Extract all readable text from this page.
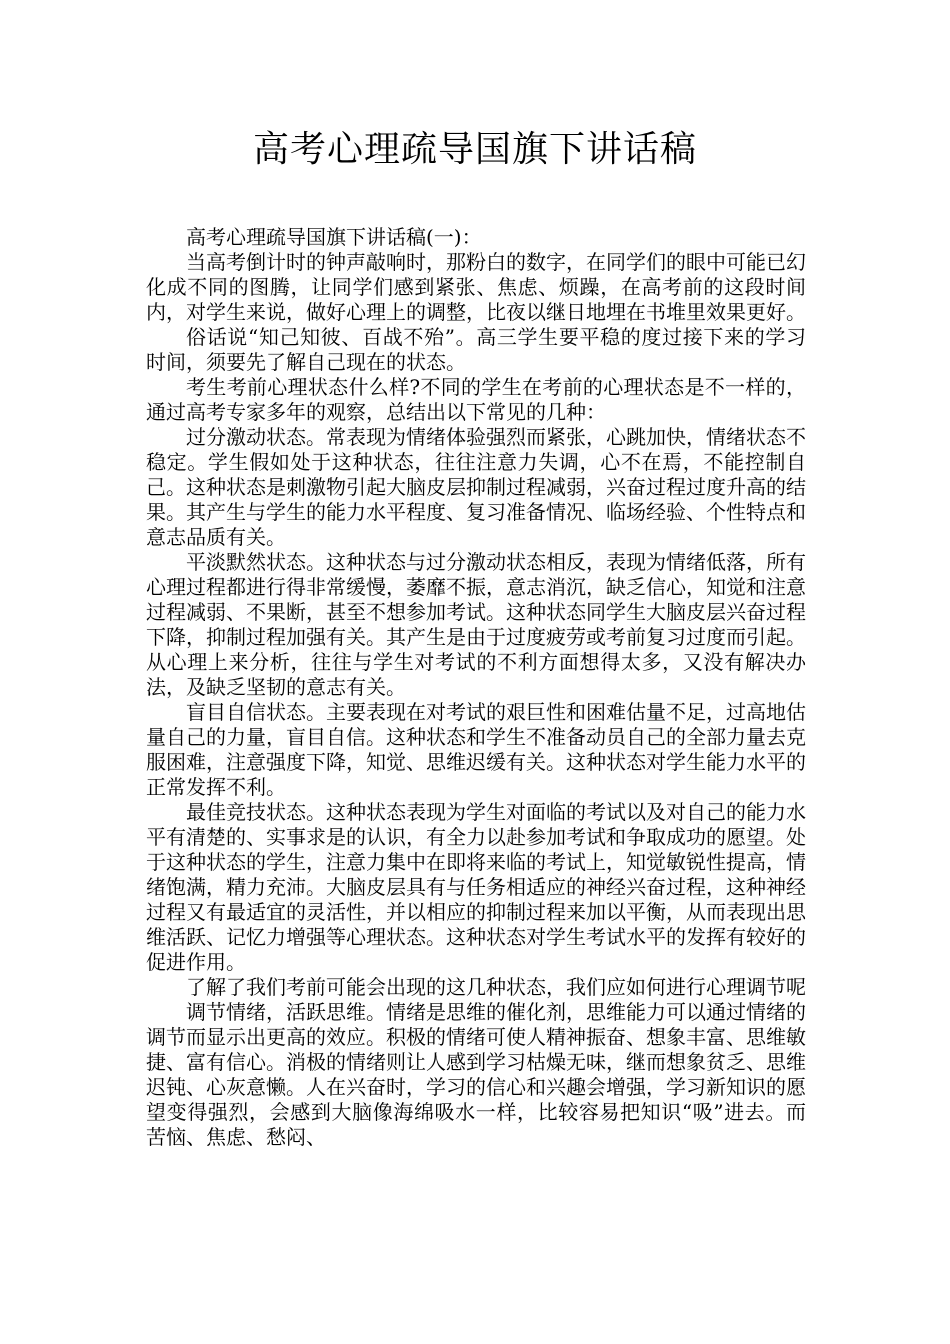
高考心理疏导国旗下讲话稿

高考心理疏导国旗下讲话稿(一)：

当高考倒计时的钟声敲响时，那粉白的数字，在同学们的眼中可能已幻化成不同的图腾，让同学们感到紧张、焦虑、烦躁，在高考前的这段时间内，对学生来说，做好心理上的调整，比夜以继日地埋在书堆里效果更好。

俗话说“知己知彼、百战不殆”。高三学生要平稳的度过接下来的学习时间，须要先了解自己现在的状态。

考生考前心理状态什么样?不同的学生在考前的心理状态是不一样的，通过高考专家多年的观察，总结出以下常见的几种：

过分激动状态。常表现为情绪体验强烈而紧张，心跳加快，情绪状态不稳定。学生假如处于这种状态，往往注意力失调，心不在焉，不能控制自己。这种状态是刺激物引起大脑皮层抑制过程减弱，兴奋过程过度升高的结果。其产生与学生的能力水平程度、复习准备情况、临场经验、个性特点和意志品质有关。

平淡默然状态。这种状态与过分激动状态相反，表现为情绪低落，所有心理过程都进行得非常缓慢，萎靡不振，意志消沉，缺乏信心，知觉和注意过程减弱、不果断，甚至不想参加考试。这种状态同学生大脑皮层兴奋过程下降，抑制过程加强有关。其产生是由于过度疲劳或考前复习过度而引起。从心理上来分析，往往与学生对考试的不利方面想得太多，又没有解决办法，及缺乏坚韧的意志有关。

盲目自信状态。主要表现在对考试的艰巨性和困难估量不足，过高地估量自己的力量，盲目自信。这种状态和学生不准备动员自己的全部力量去克服困难，注意强度下降，知觉、思维迟缓有关。这种状态对学生能力水平的正常发挥不利。

最佳竞技状态。这种状态表现为学生对面临的考试以及对自己的能力水平有清楚的、实事求是的认识，有全力以赴参加考试和争取成功的愿望。处于这种状态的学生，注意力集中在即将来临的考试上，知觉敏锐性提高，情绪饱满，精力充沛。大脑皮层具有与任务相适应的神经兴奋过程，这种神经过程又有最适宜的灵活性，并以相应的抑制过程来加以平衡，从而表现出思维活跃、记忆力增强等心理状态。这种状态对学生考试水平的发挥有较好的促进作用。

了解了我们考前可能会出现的这几种状态，我们应如何进行心理调节呢

调节情绪，活跃思维。情绪是思维的催化剂，思维能力可以通过情绪的调节而显示出更高的效应。积极的情绪可使人精神振奋、想象丰富、思维敏捷、富有信心。消极的情绪则让人感到学习枯燥无味，继而想象贫乏、思维迟钝、心灰意懒。人在兴奋时，学习的信心和兴趣会增强，学习新知识的愿望变得强烈，会感到大脑像海绵吸水一样，比较容易把知识“吸”进去。而苦恼、焦虑、愁闷、
